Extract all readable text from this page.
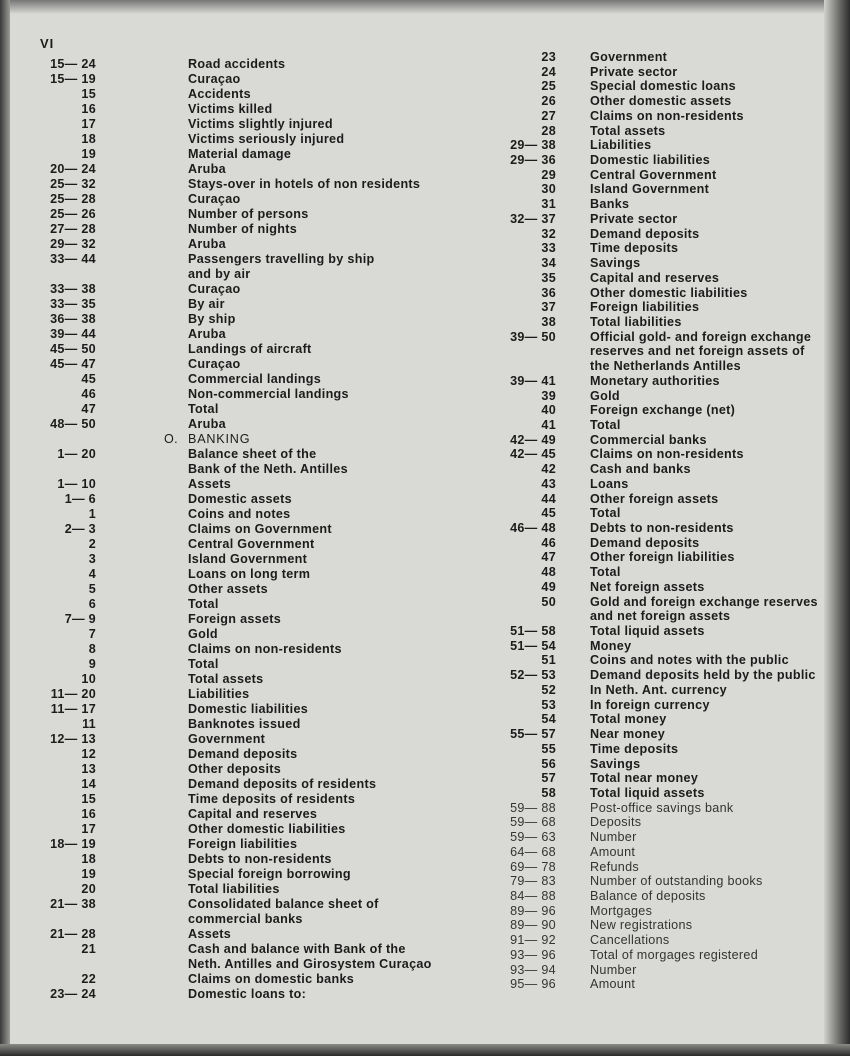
VI
15— 24	Road accidents
15— 19	Curaçao
15	Accidents
16	Victims killed
17	Victims slightly injured
18	Victims seriously injured
19	Material damage
20— 24	Aruba
25— 32	Stays-over in hotels of non residents
25— 28	Curaçao
25— 26	Number of persons
27— 28	Number of nights
29— 32	Aruba
33— 44	Passengers travelling by ship
and by air
33— 38	Curaçao
33— 35	By air
36— 38	By ship
39— 44	Aruba
45— 50	Landings of aircraft
45— 47	Curaçao
45	Commercial landings
46	Non-commercial landings
47	Total
48— 50	Aruba
O. BANKING
1— 20	Balance sheet of the
Bank of the Neth. Antilles
1— 10	Assets
1— 6	Domestic assets
1	Coins and notes
2— 3	Claims on Government
2	Central Government
3	Island Government
4	Loans on long term
5	Other assets
6	Total
7— 9	Foreign assets
7	Gold
8	Claims on non-residents
9	Total
10	Total assets
11— 20	Liabilities
11— 17	Domestic liabilities
11	Banknotes issued
12— 13	Government
12	Demand deposits
13	Other deposits
14	Demand deposits of residents
15	Time deposits of residents
16	Capital and reserves
17	Other domestic liabilities
18— 19	Foreign liabilities
18	Debts to non-residents
19	Special foreign borrowing
20	Total liabilities
21— 38	Consolidated balance sheet of
commercial banks
21— 28	Assets
21	Cash and balance with Bank of the
Neth. Antilles and Girosystem Curaçao
22	Claims on domestic banks
23— 24	Domestic loans to:
23	Government
24	Private sector
25	Special domestic loans
26	Other domestic assets
27	Claims on non-residents
28	Total assets
29— 38	Liabilities
29— 36	Domestic liabilities
29	Central Government
30	Island Government
31	Banks
32— 37	Private sector
32	Demand deposits
33	Time deposits
34	Savings
35	Capital and reserves
36	Other domestic liabilities
37	Foreign liabilities
38	Total liabilities
39— 50	Official gold- and foreign exchange
reserves and net foreign assets of
the Netherlands Antilles
39— 41	Monetary authorities
39	Gold
40	Foreign exchange (net)
41	Total
42— 49	Commercial banks
42— 45	Claims on non-residents
42	Cash and banks
43	Loans
44	Other foreign assets
45	Total
46— 48	Debts to non-residents
46	Demand deposits
47	Other foreign liabilities
48	Total
49	Net foreign assets
50	Gold and foreign exchange reserves
and net foreign assets
51— 58	Total liquid assets
51— 54	Money
51	Coins and notes with the public
52— 53	Demand deposits held by the public
52	In Neth. Ant. currency
53	In foreign currency
54	Total money
55— 57	Near money
55	Time deposits
56	Savings
57	Total near money
58	Total liquid assets
59— 88	Post-office savings bank
59— 68	Deposits
59— 63	Number
64— 68	Amount
69— 78	Refunds
79— 83	Number of outstanding books
84— 88	Balance of deposits
89— 96	Mortgages
89— 90	New registrations
91— 92	Cancellations
93— 96	Total of morgages registered
93— 94	Number
95— 96	Amount
